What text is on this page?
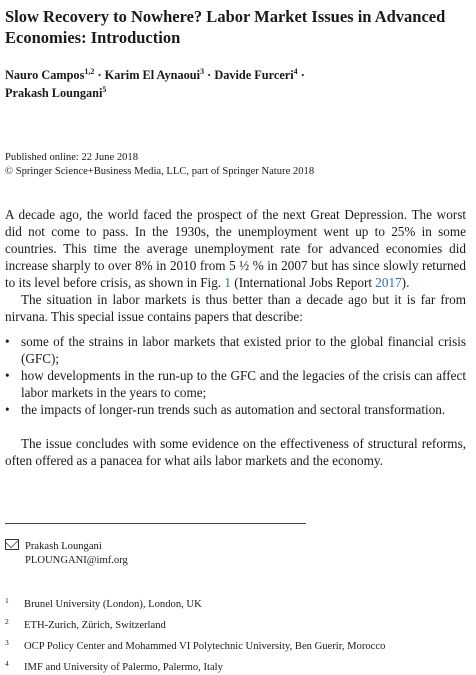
Slow Recovery to Nowhere? Labor Market Issues in Advanced Economies: Introduction
Nauro Campos$^{1,2}$ · Karim El Aynaoui$^3$ · Davide Furceri$^4$ ·
Prakash Loungani$^5$
Published online: 22 June 2018
© Springer Science+Business Media, LLC, part of Springer Nature 2018

A decade ago, the world faced the prospect of the next Great Depression. The worst did not come to pass. In the 1930s, the unemployment went up to 25% in some countries. This time the average unemployment rate for advanced economies did increase sharply to over 8% in 2010 from 5 ½ % in 2007 but has since slowly returned to its level before crisis, as shown in Fig. 1 (International Jobs Report 2017).

The situation in labor markets is thus better than a decade ago but it is far from nirvana. This special issue contains papers that describe:

• some of the strains in labor markets that existed prior to the global financial crisis (GFC);
• how developments in the run-up to the GFC and the legacies of the crisis can affect labor markets in the years to come;
• the impacts of longer-run trends such as automation and sectoral transformation.

The issue concludes with some evidence on the effectiveness of structural reforms, often offered as a panacea for what ails labor markets and the economy.

Prakash Loungani
PLOUNGANI@imf.org
1 Brunel University (London), London, UK
2 ETH-Zurich, Zürich, Switzerland
3 OCP Policy Center and Mohammed VI Polytechnic University, Ben Guerir, Morocco
4 IMF and University of Palermo, Palermo, Italy
